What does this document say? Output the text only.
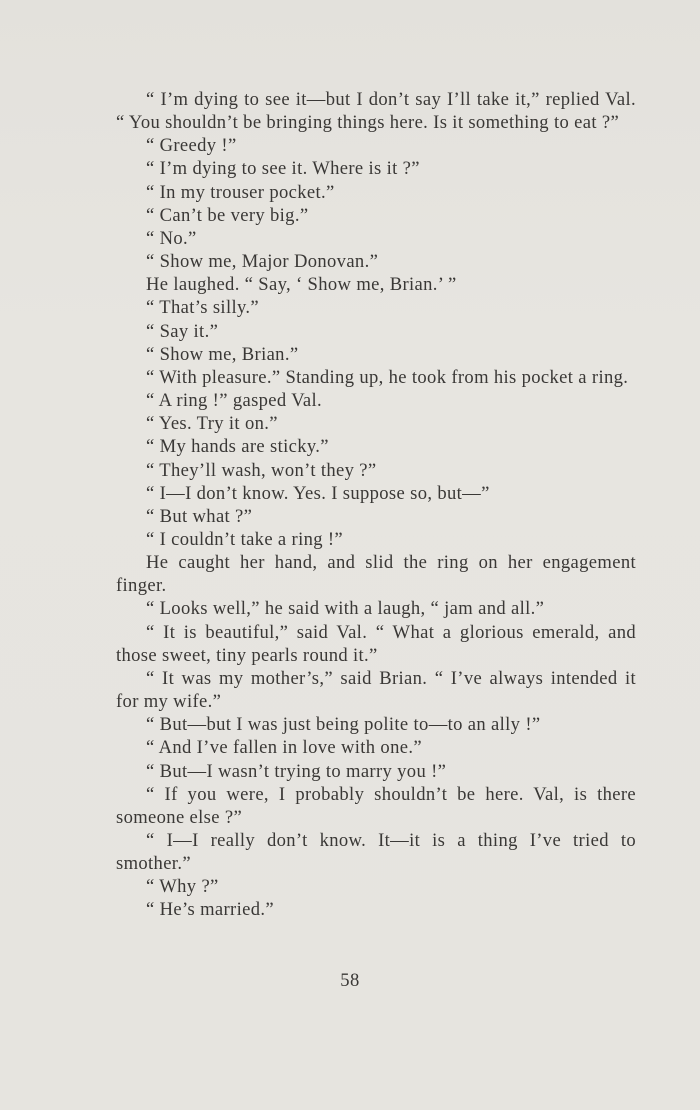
“ I’m dying to see it—but I don’t say I’ll take it,” replied Val. “ You shouldn’t be bringing things here. Is it something to eat ?”

“ Greedy !”

“ I’m dying to see it. Where is it ?”

“ In my trouser pocket.”

“ Can’t be very big.”

“ No.”

“ Show me, Major Donovan.”

He laughed. “ Say, ‘ Show me, Brian.’ ”

“ That’s silly.”

“ Say it.”

“ Show me, Brian.”

“ With pleasure.” Standing up, he took from his pocket a ring.

“ A ring !” gasped Val.

“ Yes. Try it on.”

“ My hands are sticky.”

“ They’ll wash, won’t they ?”

“ I—I don’t know. Yes. I suppose so, but—”

“ But what ?”

“ I couldn’t take a ring !”

He caught her hand, and slid the ring on her engagement finger.

“ Looks well,” he said with a laugh, “ jam and all.”

“ It is beautiful,” said Val. “ What a glorious emerald, and those sweet, tiny pearls round it.”

“ It was my mother’s,” said Brian. “ I’ve always intended it for my wife.”

“ But—but I was just being polite to—to an ally !”

“ And I’ve fallen in love with one.”

“ But—I wasn’t trying to marry you !”

“ If you were, I probably shouldn’t be here. Val, is there someone else ?”

“ I—I really don’t know. It—it is a thing I’ve tried to smother.”

“ Why ?”

“ He’s married.”

58
